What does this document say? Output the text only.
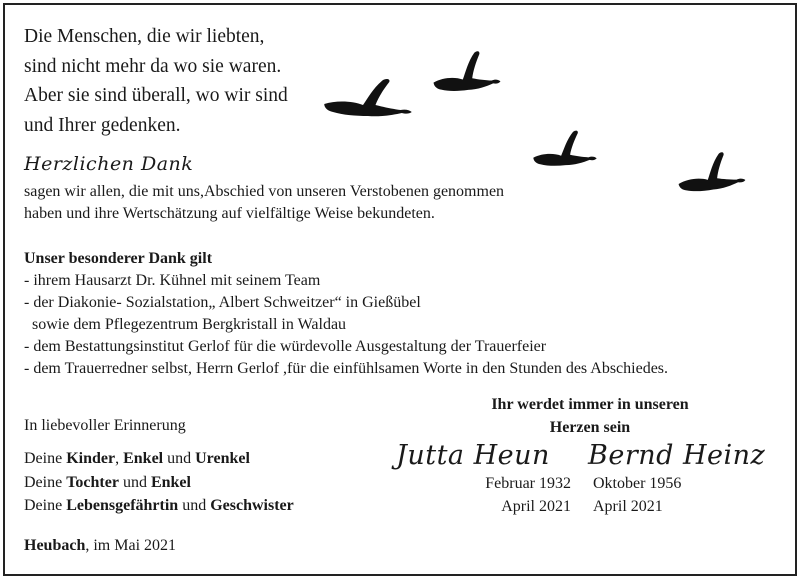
Die Menschen, die wir liebten,
sind nicht mehr da wo sie waren.
Aber sie sind überall, wo wir sind
und Ihrer gedenken.
Herzlichen Dank
sagen wir allen, die mit uns,Abschied von unseren Verstobenen genommen
haben und ihre Wertschätzung auf vielfältige Weise bekundeten.
Unser besonderer Dank gilt
- ihrem Hausarzt Dr. Kühnel mit seinem Team
- der Diakonie- Sozialstation„ Albert Schweitzer“ in Gießübel
sowie dem Pflegezentrum Bergkristall in Waldau
- dem Bestattungsinstitut Gerlof für die würdevolle Ausgestaltung der Trauerfeier
- dem Trauerredner selbst, Herrn Gerlof ,für die einfühlsamen Worte in den Stunden des Abschiedes.
In liebevoller Erinnerung
Deine Kinder, Enkel und Urenkel
Deine Tochter und Enkel
Deine Lebensgefährtin und Geschwister
Heubach, im Mai 2021
Ihr werdet immer in unseren
Herzen sein
Jutta Heun Bernd Heinz
Februar 1932
April 2021
Oktober 1956
April 2021
